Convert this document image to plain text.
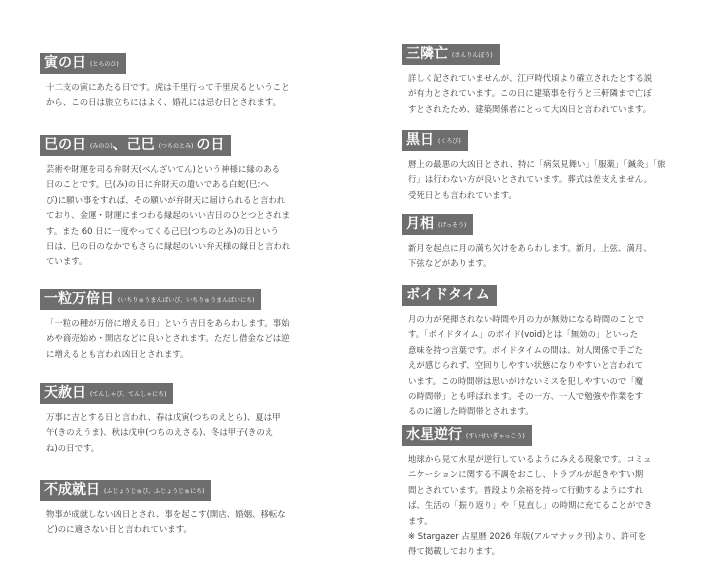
寅の日 (とらのひ)
十二支の寅にあたる日です。虎は千里行って千里戻るということ
から、この日は旅立ちにはよく、婚礼には忌む日とされます。
巳の日 (みのひ)、己巳 (つちのとみ) の日
芸術や財運を司る弁財天(べんざいてん)という神様に縁のある
日のことです。巳(み)の日に弁財天の遣いである白蛇(巳:へ
び)に願い事をすれば、その願いが弁財天に届けられると言われ
ており、金運・財運にまつわる縁起のいい吉日のひとつとされま
す。また 60 日に一度やってくる己巳(つちのとみ)の日という
日は、巳の日のなかでもさらに縁起のいい弁天様の縁日と言われ
ています。
一粒万倍日 (いちりゅうまんばいび、いちりゅうまんばいにち)
「一粒の種が万倍に増える日」という吉日をあらわします。事始
めや商売始め・開店などに良いとされます。ただし借金などは逆
に増えるとも言われ凶日とされます。
天赦日 (てんしゃび、てんしゃにち)
万事に吉とする日と言われ、春は戊寅(つちのえとら)、夏は甲
午(きのえうま)、秋は戊申(つちのえさる)、冬は甲子(きのえ
ね)の日です。
不成就日 (ふじょうじゅび、ふじょうじゅにち)
物事が成就しない凶日とされ、事を起こす(開店、婚姻、移転な
ど)のに適さない日と言われています。
三隣亡 (さんりんぼう)
詳しく記されていませんが、江戸時代頃より確立されたとする説
が有力とされています。この日に建築事を行うと三軒隣まで亡ぼ
すとされたため、建築関係者にとって大凶日と言われています。
黒日 (くろび)
暦上の最悪の大凶日とされ、特に「病気見舞い」「服薬」「鍼灸」「旅
行」は行わない方が良いとされています。葬式は差支えません。
受死日とも言われています。
月相 (げっそう)
新月を起点に月の満ち欠けをあらわします。新月、上弦、満月、
下弦などがあります。
ボイドタイム
月の力が発揮されない時間や月の力が無効になる時間のことで
す。「ボイドタイム」のボイド(void)とは「無効の」といった
意味を持つ言葉です。ボイドタイムの間は、対人関係で手ごた
えが感じられず、空回りしやすい状態になりやすいと言われて
います。この時間帯は思いがけないミスを犯しやすいので「魔
の時間帯」とも呼ばれます。その一方、一人で勉強や作業をす
るのに適した時間帯とされます。
水星逆行 (すいせいぎゃっこう)
地球から見て水星が逆行しているようにみえる現象です。コミュ
ニケーションに関する不調をおこし、トラブルが起きやすい期
間とされています。普段より余裕を持って行動するようにすれ
ば、生活の「振り返り」や「見直し」の時期に充てることができ
ます。
※ Stargazer 占星暦 2026 年版(アルマナック刊)より、許可を
得て掲載しております。
